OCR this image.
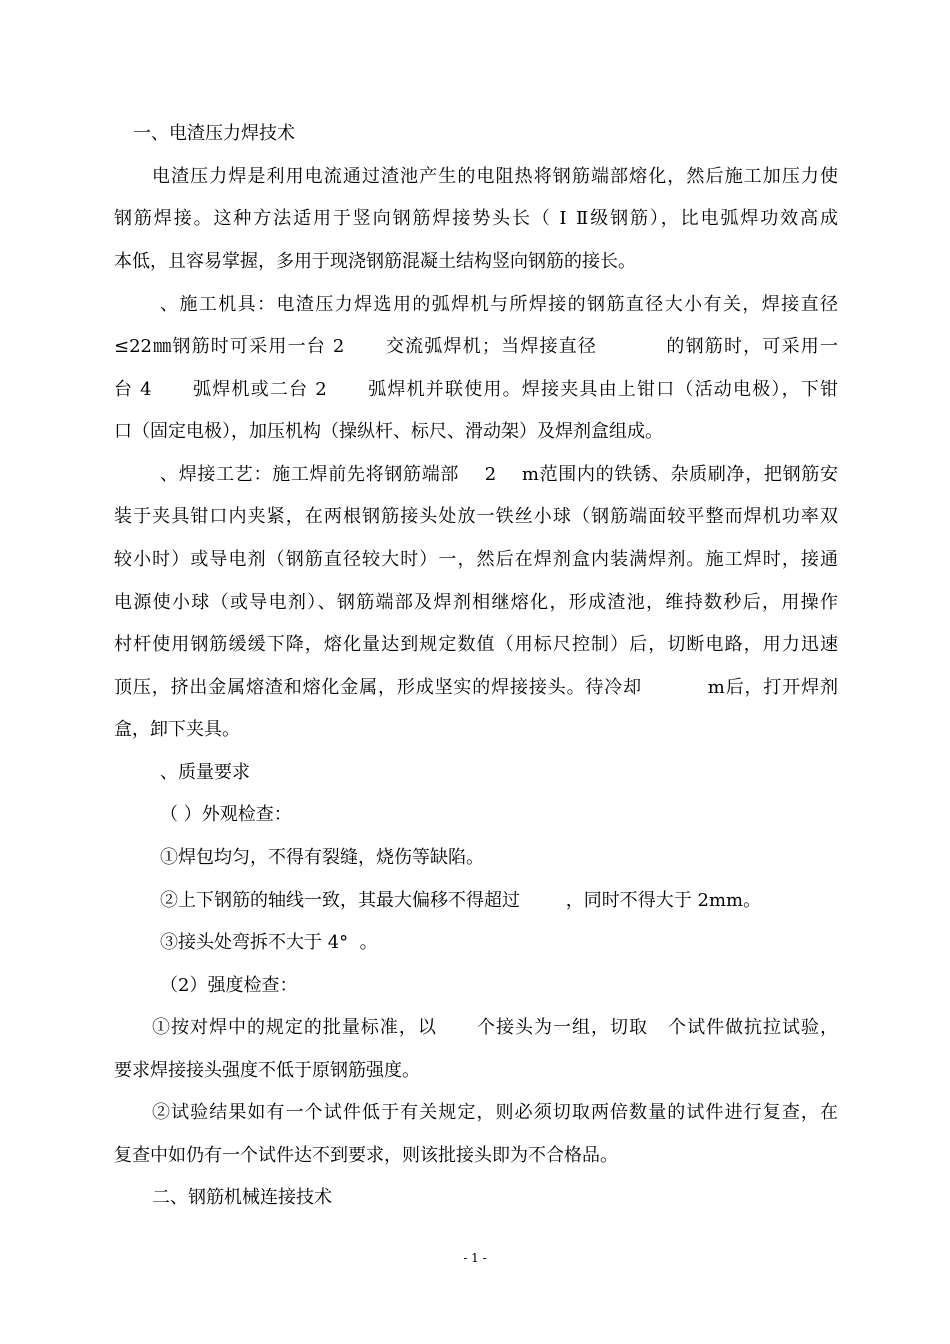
一、电渣压力焊技术

电渣压力焊是利用电流通过渣池产生的电阻热将钢筋端部熔化，然后施工加压力使

钢筋焊接。这种方法适用于竖向钢筋焊接势头长（ Ⅰ Ⅱ级钢筋），比电弧焊功效高成

本低，且容易掌握，多用于现浇钢筋混凝土结构竖向钢筋的接长。

、施工机具：电渣压力焊选用的弧焊机与所焊接的钢筋直径大小有关，焊接直径

≤22㎜钢筋时可采用一台 2      交流弧焊机；当焊接直径          的钢筋时，可采用一

台 4      弧焊机或二台 2      弧焊机并联使用。焊接夹具由上钳口（活动电极），下钳

口（固定电极），加压机构（操纵杆、标尺、滑动架）及焊剂盒组成。

、焊接工艺：施工焊前先将钢筋端部    2    m范围内的铁锈、杂质刷净，把钢筋安

装于夹具钳口内夹紧，在两根钢筋接头处放一铁丝小球（钢筋端面较平整而焊机功率双

较小时）或导电剂（钢筋直径较大时）一，然后在焊剂盒内装满焊剂。施工焊时，接通

电源使小球（或导电剂）、钢筋端部及焊剂相继熔化，形成渣池，维持数秒后，用操作

村杆使用钢筋缓缓下降，熔化量达到规定数值（用标尺控制）后，切断电路，用力迅速

顶压，挤出金属熔渣和熔化金属，形成坚实的焊接接头。待冷却          m后，打开焊剂

盒，卸下夹具。

、质量要求

（ ）外观检查：

①焊包均匀，不得有裂缝，烧伤等缺陷。

②上下钢筋的轴线一致，其最大偏移不得超过        ，同时不得大于 2mm。

③接头处弯拆不大于 4°  。

（2）强度检查：

①按对焊中的规定的批量标准，以      个接头为一组，切取   个试件做抗拉试验，

要求焊接接头强度不低于原钢筋强度。

②试验结果如有一个试件低于有关规定，则必须切取两倍数量的试件进行复查，在

复查中如仍有一个试件达不到要求，则该批接头即为不合格品。

二、钢筋机械连接技术

- 1 -
